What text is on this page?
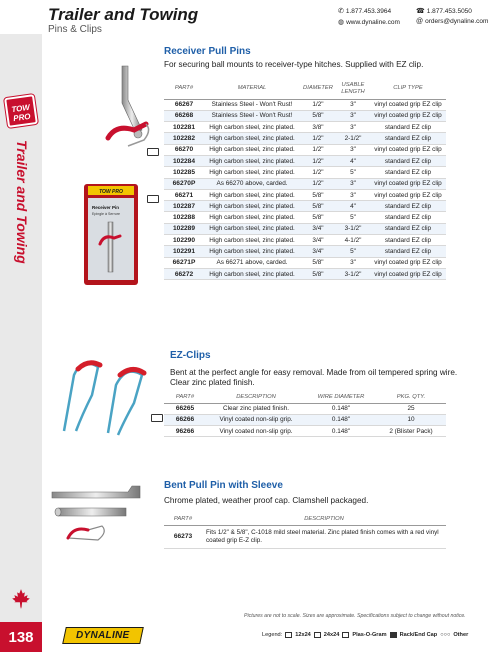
TOW PRO
Trailer and Towing
138
Trailer and Towing
Pins & Clips
✆ 1.877.453.3964	☎ 1.877.453.5050
◍ www.dynaline.com @ orders@dynaline.com
Receiver Pull Pins
For securing ball mounts to receiver-type hitches. Supplied with EZ clip.
TOW PRO
Receiver Pin
Epingle à Serrure
PART#	MATERIAL	DIAMETER	USABLE LENGTH	CLIP TYPE
66267	Stainless Steel - Won't Rust!	1/2"	3"	vinyl coated grip EZ clip
66268	Stainless Steel - Won't Rust!	5/8"	3"	vinyl coated grip EZ clip
102281	High carbon steel, zinc plated.	3/8"	3"	standard EZ clip
102282	High carbon steel, zinc plated.	1/2"	2-1/2"	standard EZ clip
66270	High carbon steel, zinc plated.	1/2"	3"	vinyl coated grip EZ clip
102284	High carbon steel, zinc plated.	1/2"	4"	standard EZ clip
102285	High carbon steel, zinc plated.	1/2"	5"	standard EZ clip
66270P	As 66270 above, carded.	1/2"	3"	vinyl coated grip EZ clip
66271	High carbon steel, zinc plated.	5/8"	3"	vinyl coated grip EZ clip
102287	High carbon steel, zinc plated.	5/8"	4"	standard EZ clip
102288	High carbon steel, zinc plated.	5/8"	5"	standard EZ clip
102289	High carbon steel, zinc plated.	3/4"	3-1/2"	standard EZ clip
102290	High carbon steel, zinc plated.	3/4"	4-1/2"	standard EZ clip
102291	High carbon steel, zinc plated.	3/4"	5"	standard EZ clip
66271P	As 66271 above, carded.	5/8"	3"	vinyl coated grip EZ clip
66272	High carbon steel, zinc plated.	5/8"	3-1/2"	vinyl coated grip EZ clip
EZ-Clips
Bent at the perfect angle for easy removal. Made from oil tempered spring wire. Clear zinc plated finish.
PART#	DESCRIPTION	WIRE DIAMETER	PKG. QTY.
66265	Clear zinc plated finish.	0.148"	25
66266	Vinyl coated non-slip grip.	0.148"	10
96266	Vinyl coated non-slip grip.	0.148"	2 (Blister Pack)
Bent Pull Pin with Sleeve
Chrome plated, weather proof cap. Clamshell packaged.
PART#	DESCRIPTION
66273	Fits 1/2" & 5/8", C-1018 mild steel material. Zinc plated finish comes with a red vinyl coated grip E-Z clip.
Pictures are not to scale. Sizes are approximate. Specifications subject to change without notice.
DYNALINE	Legend: 12x24 24x24 Plas-O-Gram Rack/End Cap ○○○ Other
